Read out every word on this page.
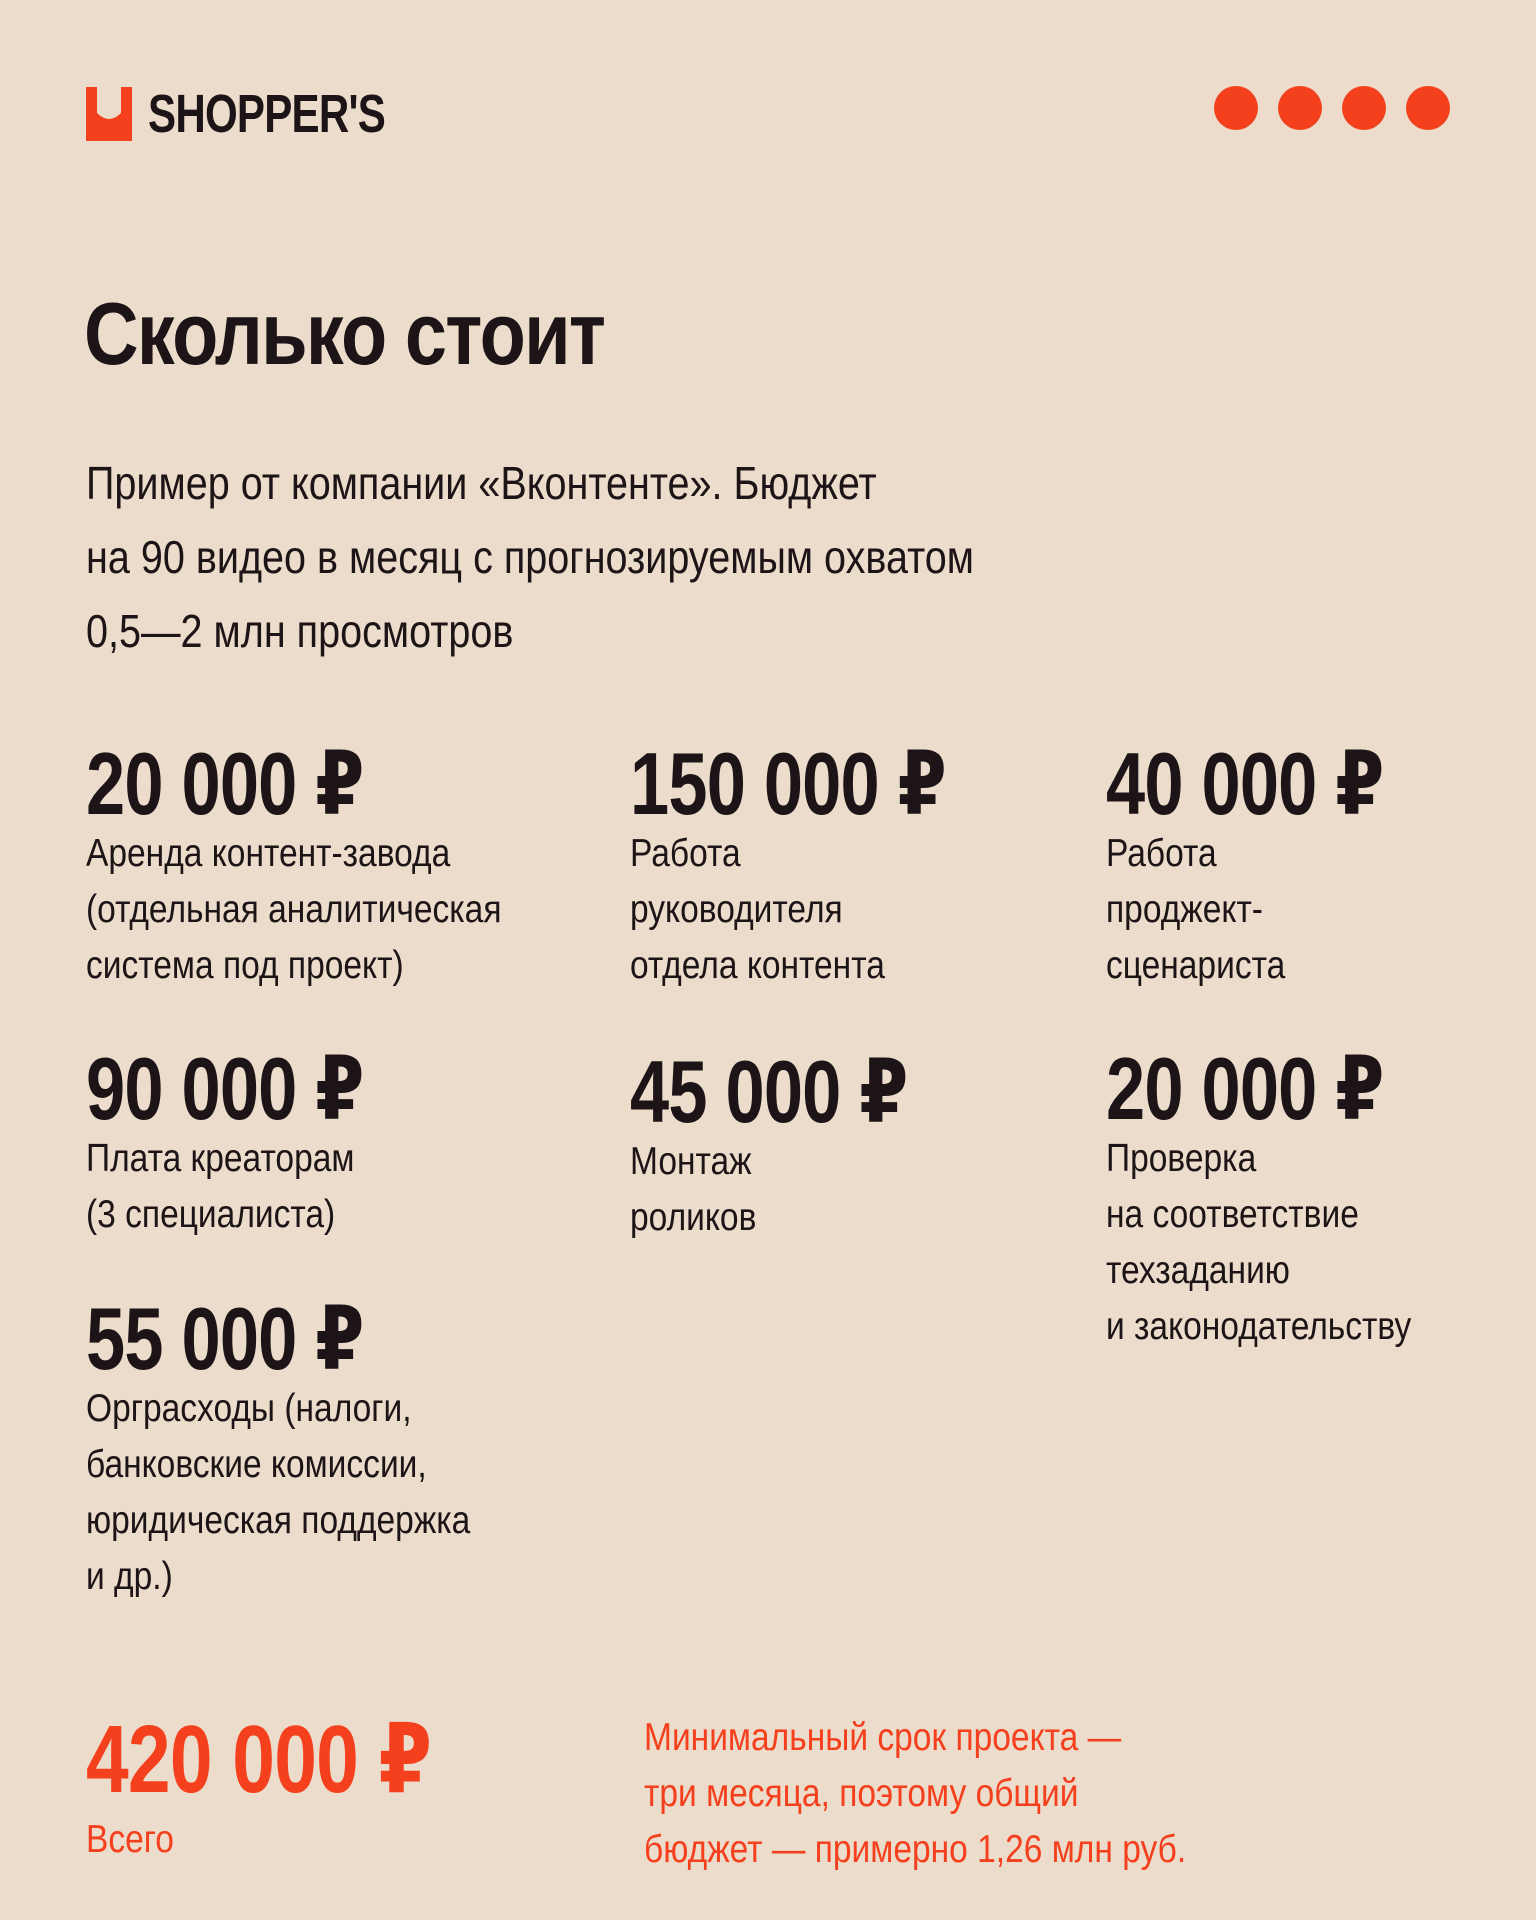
SHOPPER'S
Сколько стоит
Пример от компании «Вконтенте». Бюджет
на 90 видео в месяц с прогнозируемым охватом
0,5—2 млн просмотров
20 000 ₽
Аренда контент-завода
(отдельная аналитическая
система под проект)
150 000 ₽
Работа
руководителя
отдела контента
40 000 ₽
Работа
проджект-
сценариста
90 000 ₽
Плата креаторам
(3 специалиста)
45 000 ₽
Монтаж
роликов
20 000 ₽
Проверка
на соответствие
техзаданию
и законодательству
55 000 ₽
Орграсходы (налоги,
банковские комиссии,
юридическая поддержка
и др.)
420 000 ₽
Всего
Минимальный срок проекта —
три месяца, поэтому общий
бюджет — примерно 1,26 млн руб.
